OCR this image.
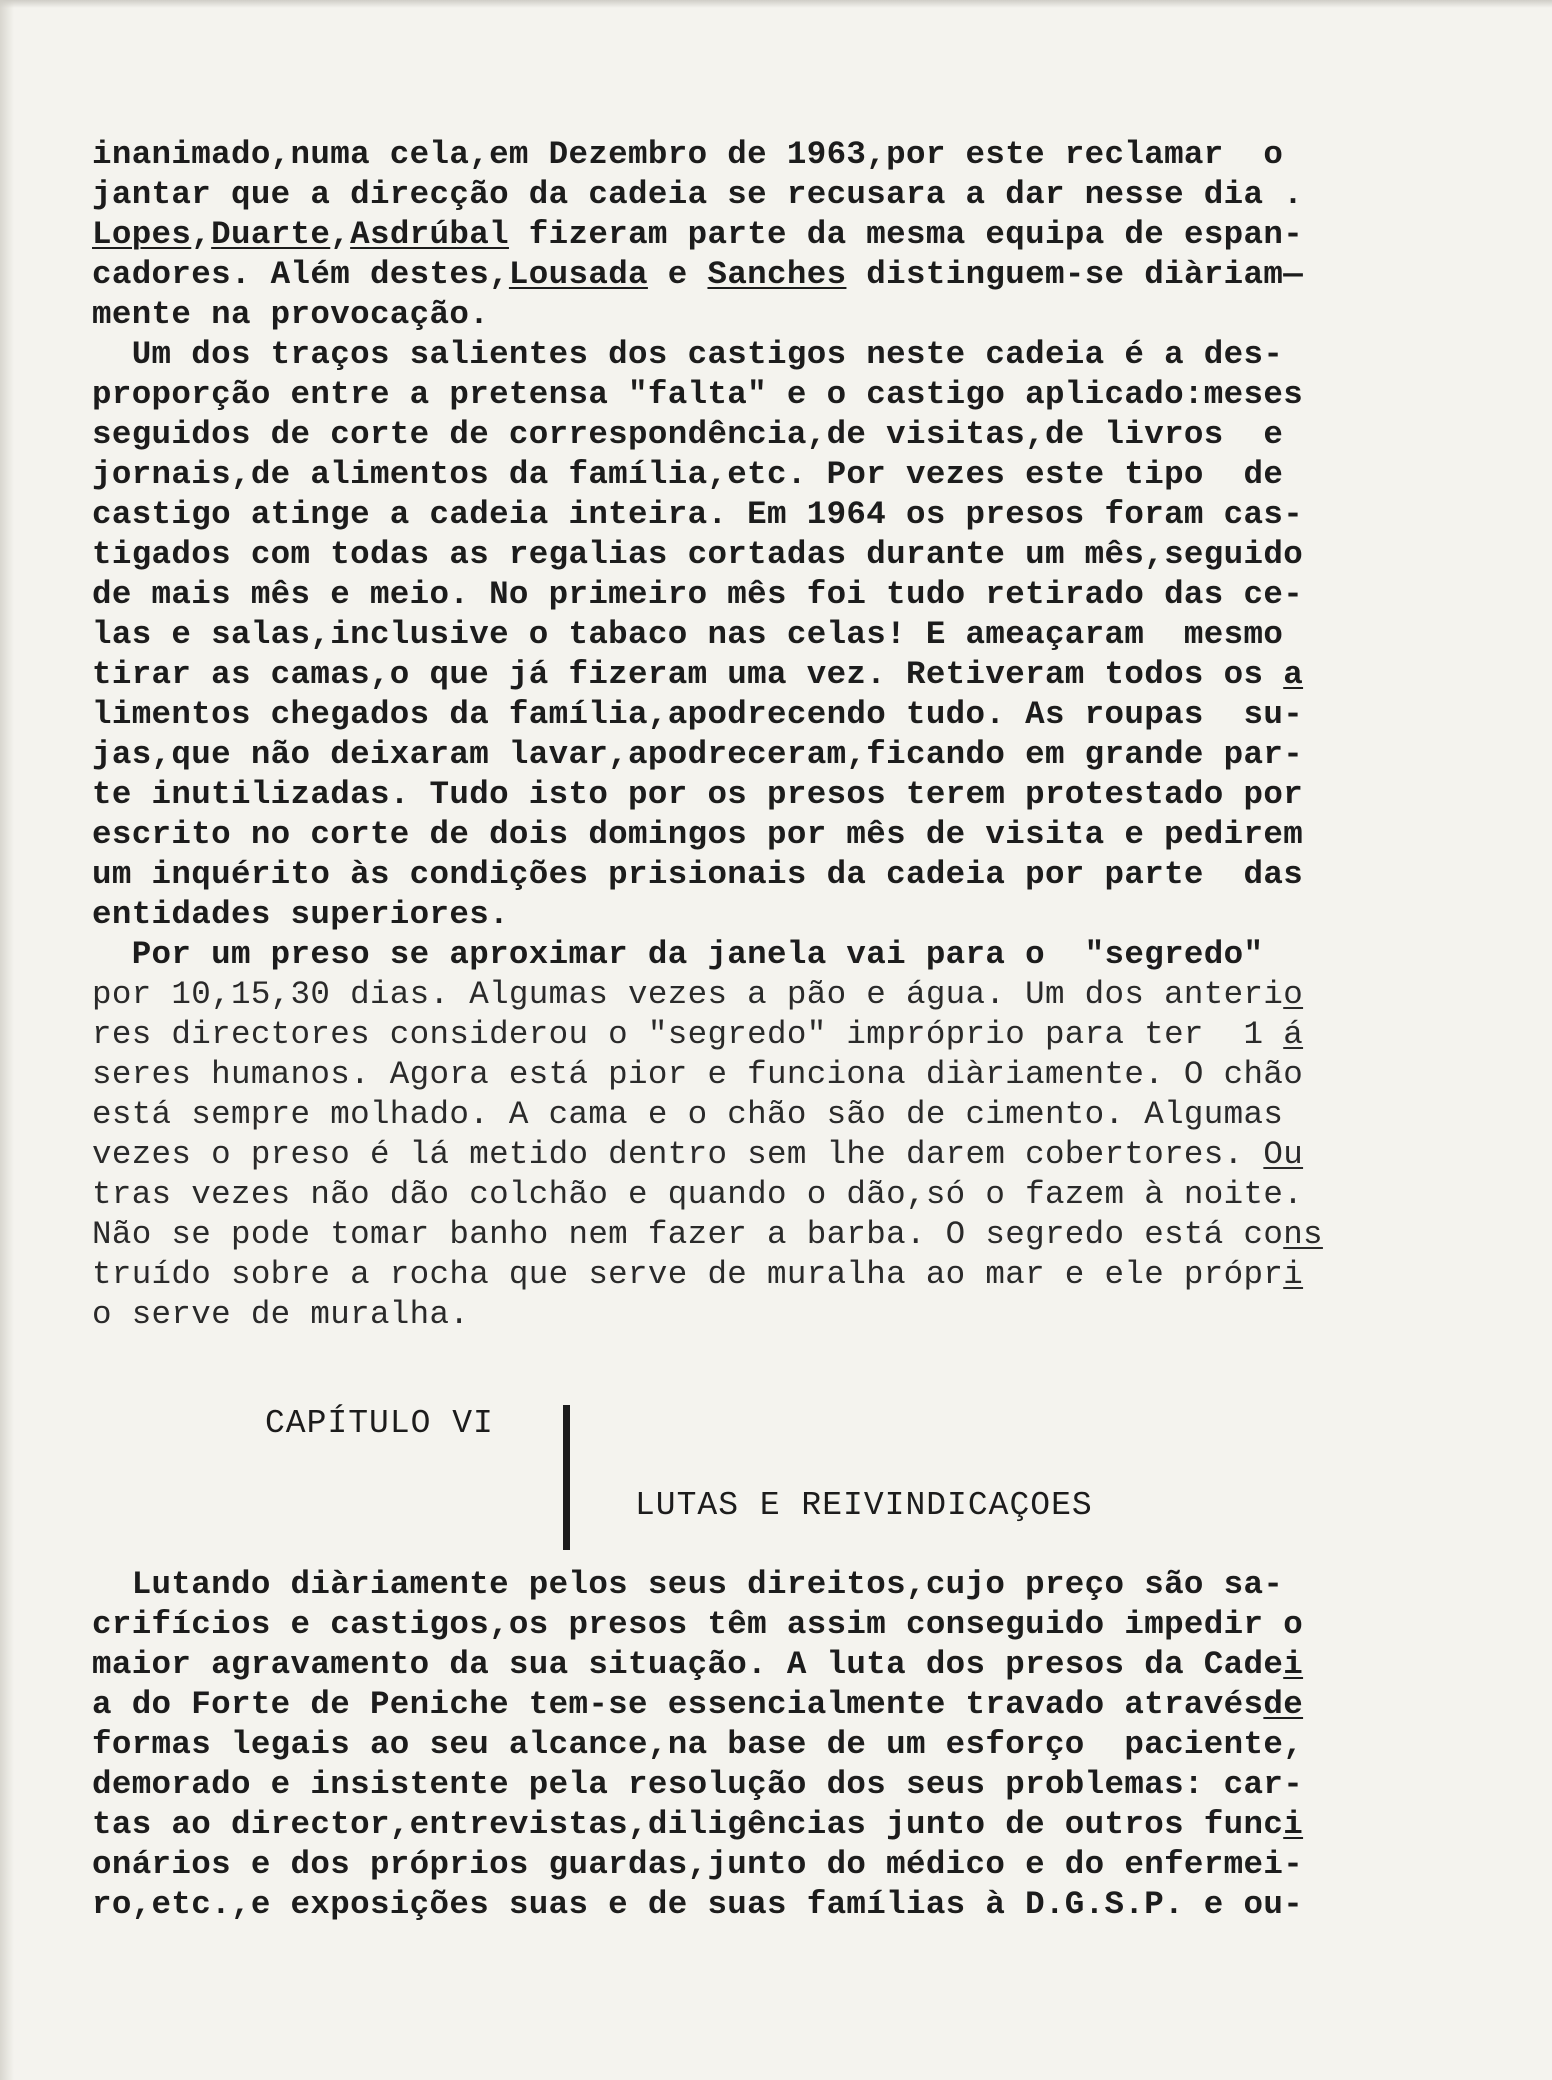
inanimado,numa cela,em Dezembro de 1963,por este reclamar  o
jantar que a direcção da cadeia se recusara a dar nesse dia .
Lopes,Duarte,Asdrúbal fizeram parte da mesma equipa de espan-
cadores. Além destes,Lousada e Sanches distinguem-se diàriam—
mente na provocação.
Um dos traços salientes dos castigos neste cadeia é a des-
proporção entre a pretensa "falta" e o castigo aplicado:meses
seguidos de corte de correspondência,de visitas,de livros  e
jornais,de alimentos da família,etc. Por vezes este tipo  de
castigo atinge a cadeia inteira. Em 1964 os presos foram cas-
tigados com todas as regalias cortadas durante um mês,seguido
de mais mês e meio. No primeiro mês foi tudo retirado das ce-
las e salas,inclusive o tabaco nas celas! E ameaçaram  mesmo
tirar as camas,o que já fizeram uma vez. Retiveram todos os a
limentos chegados da família,apodrecendo tudo. As roupas  su-
jas,que não deixaram lavar,apodreceram,ficando em grande par-
te inutilizadas. Tudo isto por os presos terem protestado por
escrito no corte de dois domingos por mês de visita e pedirem
um inquérito às condições prisionais da cadeia por parte  das
entidades superiores.
Por um preso se aproximar da janela vai para o  "segredo"
por 10,15,30 dias. Algumas vezes a pão e água. Um dos anterio
res directores considerou o "segredo" impróprio para ter  1 á
seres humanos. Agora está pior e funciona diàriamente. O chão
está sempre molhado. A cama e o chão são de cimento. Algumas
vezes o preso é lá metido dentro sem lhe darem cobertores. Ou
tras vezes não dão colchão e quando o dão,só o fazem à noite.
Não se pode tomar banho nem fazer a barba. O segredo está cons
truído sobre a rocha que serve de muralha ao mar e ele própri
o serve de muralha.
CAPÍTULO VI
LUTAS E REIVINDICAÇOES
Lutando diàriamente pelos seus direitos,cujo preço são sa-
crifícios e castigos,os presos têm assim conseguido impedir o
maior agravamento da sua situação. A luta dos presos da Cadei
a do Forte de Peniche tem-se essencialmente travado atravésde
formas legais ao seu alcance,na base de um esforço  paciente,
demorado e insistente pela resolução dos seus problemas: car-
tas ao director,entrevistas,diligências junto de outros funci
onários e dos próprios guardas,junto do médico e do enfermei-
ro,etc.,e exposições suas e de suas famílias à D.G.S.P. e ou-
